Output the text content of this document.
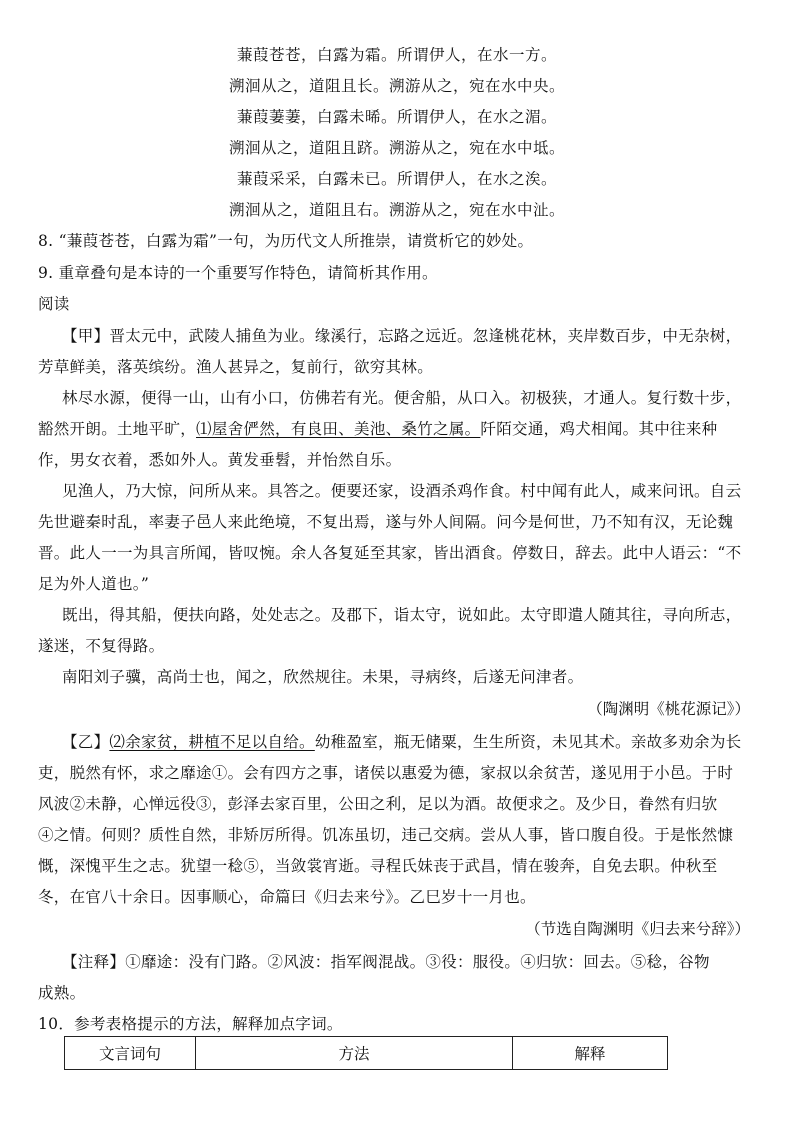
蒹葭苍苍，白露为霜。所谓伊人，在水一方。
溯洄从之，道阻且长。溯游从之，宛在水中央。
蒹葭萋萋，白露未晞。所谓伊人，在水之湄。
溯洄从之，道阻且跻。溯游从之，宛在水中坻。
蒹葭采采，白露未已。所谓伊人，在水之涘。
溯洄从之，道阻且右。溯游从之，宛在水中沚。
8. “蒹葭苍苍，白露为霜”一句，为历代文人所推崇，请赏析它的妙处。
9. 重章叠句是本诗的一个重要写作特色，请简析其作用。
阅读
【甲】晋太元中，武陵人捕鱼为业。缘溪行，忘路之远近。忽逢桃花林，夹岸数百步，中无杂树，
芳草鲜美，落英缤纷。渔人甚异之，复前行，欲穷其林。
林尽水源，便得一山，山有小口，仿佛若有光。便舍船，从口入。初极狭，才通人。复行数十步，
豁然开朗。土地平旷，⑴屋舍俨然，有良田、美池、桑竹之属。阡陌交通，鸡犬相闻。其中往来种
作，男女衣着，悉如外人。黄发垂髫，并怡然自乐。
见渔人，乃大惊，问所从来。具答之。便要还家，设酒杀鸡作食。村中闻有此人，咸来问讯。自云
先世避秦时乱，率妻子邑人来此绝境，不复出焉，遂与外人间隔。问今是何世，乃不知有汉，无论魏
晋。此人一一为具言所闻，皆叹惋。余人各复延至其家，皆出酒食。停数日，辞去。此中人语云：“不
足为外人道也。”
既出，得其船，便扶向路，处处志之。及郡下，诣太守，说如此。太守即遣人随其往，寻向所志，
遂迷，不复得路。
南阳刘子骥，高尚士也，闻之，欣然规往。未果，寻病终，后遂无问津者。
（陶渊明《桃花源记》）
【乙】⑵余家贫，耕植不足以自给。幼稚盈室，瓶无储粟，生生所资，未见其术。亲故多劝余为长
吏，脱然有怀，求之靡途①。会有四方之事，诸侯以惠爱为德，家叔以余贫苦，遂见用于小邑。于时
风波②未静，心惮远役③，彭泽去家百里，公田之利，足以为酒。故便求之。及少日，眷然有归欤
④之情。何则？质性自然，非矫厉所得。饥冻虽切，违己交病。尝从人事，皆口腹自役。于是怅然慷
慨，深愧平生之志。犹望一稔⑤，当敛裳宵逝。寻程氏妹丧于武昌，情在骏奔，自免去职。仲秋至
冬，在官八十余日。因事顺心，命篇曰《归去来兮》。乙巳岁十一月也。
（节选自陶渊明《归去来兮辞》）
【注释】①靡途：没有门路。②风波：指军阀混战。③役：服役。④归欤：回去。⑤稔，谷物
成熟。
10．参考表格提示的方法，解释加点字词。
文言词句	方法	解释
